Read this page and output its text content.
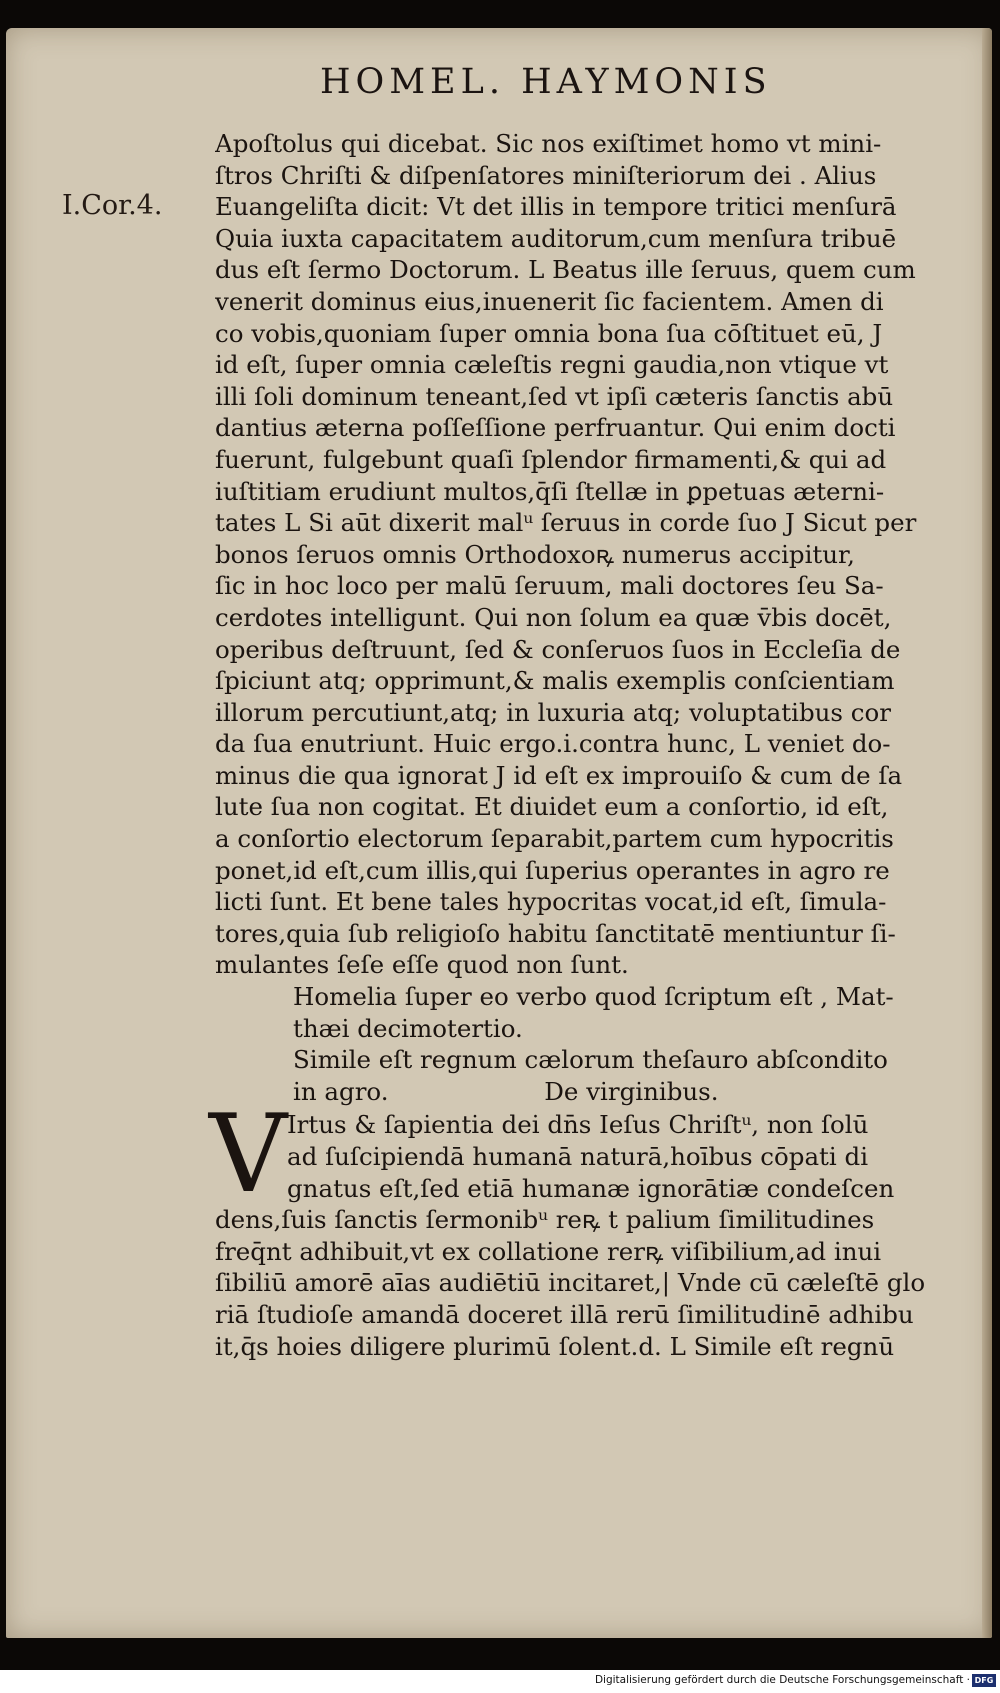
HOMEL. HAYMONIS
I.Cor.4.
Apoſtolus qui dicebat. Sic nos exiſtimet homo vt mini-
ſtros Chriſti & diſpenſatores miniſteriorum dei . Alius
Euangeliſta dicit: Vt det illis in tempore tritici menſurā
Quia iuxta capacitatem auditorum,cum menſura tribuē
dus eſt ſermo Doctorum. L Beatus ille ſeruus, quem cum
venerit dominus eius,inuenerit ſic facientem. Amen di
co vobis,quoniam ſuper omnia bona ſua cōſtituet eū, J
id eſt, ſuper omnia cæleſtis regni gaudia,non vtique vt
illi ſoli dominum teneant,ſed vt ipſi cæteris ſanctis abū
dantius æterna poſſeſſione perfruantur. Qui enim docti
fuerunt, fulgebunt quaſi ſplendor firmamenti,& qui ad
iuſtitiam erudiunt multos,q̄ſi ſtellæ in ꝑpetuas æterni-
tates L Si aūt dixerit malᵘ ſeruus in corde ſuo J Sicut per
bonos ſeruos omnis Orthodoxoꝶ numerus accipitur,
ſic in hoc loco per malū ſeruum, mali doctores ſeu Sa-
cerdotes intelligunt. Qui non ſolum ea quæ v̄bis docēt,
operibus deſtruunt, ſed & conſeruos ſuos in Eccleſia de
ſpiciunt atq; opprimunt,& malis exemplis conſcientiam
illorum percutiunt,atq; in luxuria atq; voluptatibus cor
da ſua enutriunt. Huic ergo.i.contra hunc, L veniet do-
minus die qua ignorat J id eſt ex improuiſo & cum de ſa
lute ſua non cogitat. Et diuidet eum a conſortio, id eſt,
a conſortio electorum ſeparabit,partem cum hypocritis
ponet,id eſt,cum illis,qui ſuperius operantes in agro re
licti ſunt. Et bene tales hypocritas vocat,id eſt, ſimula-
tores,quia ſub religioſo habitu ſanctitatē mentiuntur ſi-
mulantes ſeſe eſſe quod non ſunt.
Homelia ſuper eo verbo quod ſcriptum eſt , Mat-
thæi decimotertio.
Simile eſt regnum cælorum theſauro abſcondito
in agro.                    De virginibus.
V Irtus & ſapientia dei dn̄s Ieſus Chriſtᵘ, non ſolū
ad ſuſcipiendā humanā naturā,hoībus cōpati di
gnatus eſt,ſed etiā humanæ ignorātiæ condeſcen
dens,ſuis ſanctis ſermonibᵘ reꝶ t palium ſimilitudines
freq̄nt adhibuit,vt ex collatione rerꝶ viſibilium,ad inui
ſibiliū amorē aīas audiētiū incitaret,| Vnde cū cæleſtē glo
riā ſtudioſe amandā doceret illā rerū ſimilitudinē adhibu
it,q̄s hoies diligere plurimū ſolent.d. L Simile eſt regnū
Digitalisierung gefördert durch die Deutsche Forschungsgemeinschaft · DFG
